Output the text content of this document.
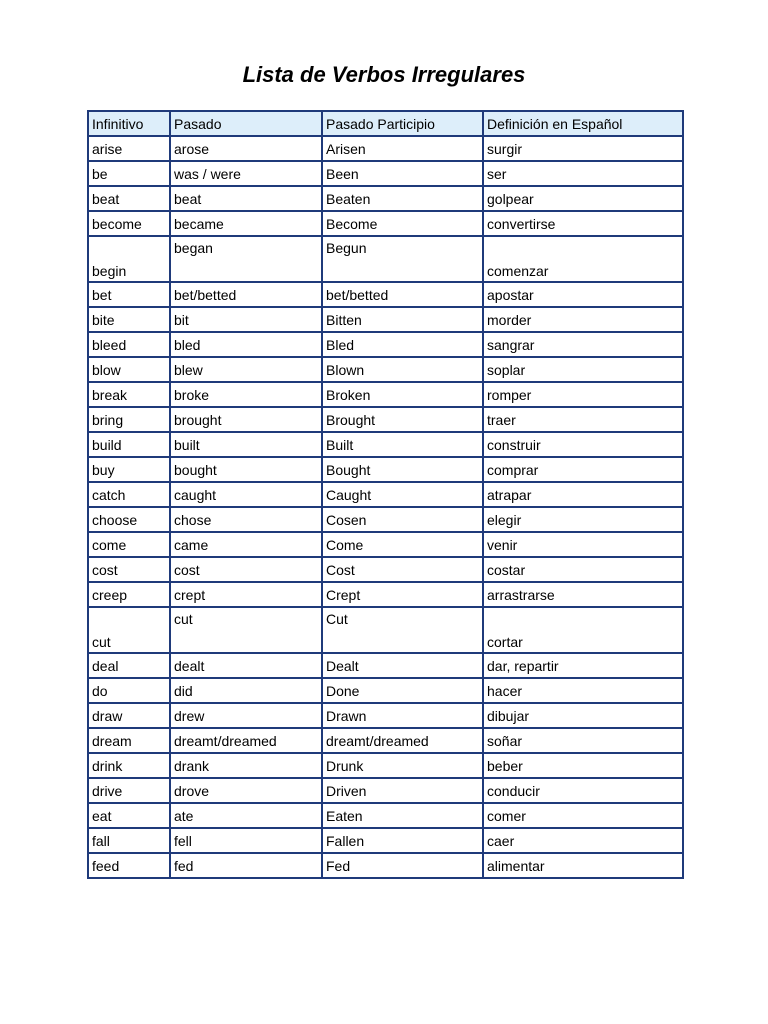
Lista de Verbos Irregulares
Infinitivo	Pasado	Pasado Participio	Definición en Español
arise	arose	Arisen	surgir
be	was / were	Been	ser
beat	beat	Beaten	golpear
become	became	Become	convertirse
begin	began	Begun	comenzar
bet	bet/betted	bet/betted	apostar
bite	bit	Bitten	morder
bleed	bled	Bled	sangrar
blow	blew	Blown	soplar
break	broke	Broken	romper
bring	brought	Brought	traer
build	built	Built	construir
buy	bought	Bought	comprar
catch	caught	Caught	atrapar
choose	chose	Cosen	elegir
come	came	Come	venir
cost	cost	Cost	costar
creep	crept	Crept	arrastrarse
cut	cut	Cut	cortar
deal	dealt	Dealt	dar, repartir
do	did	Done	hacer
draw	drew	Drawn	dibujar
dream	dreamt/dreamed	dreamt/dreamed	soñar
drink	drank	Drunk	beber
drive	drove	Driven	conducir
eat	ate	Eaten	comer
fall	fell	Fallen	caer
feed	fed	Fed	alimentar
